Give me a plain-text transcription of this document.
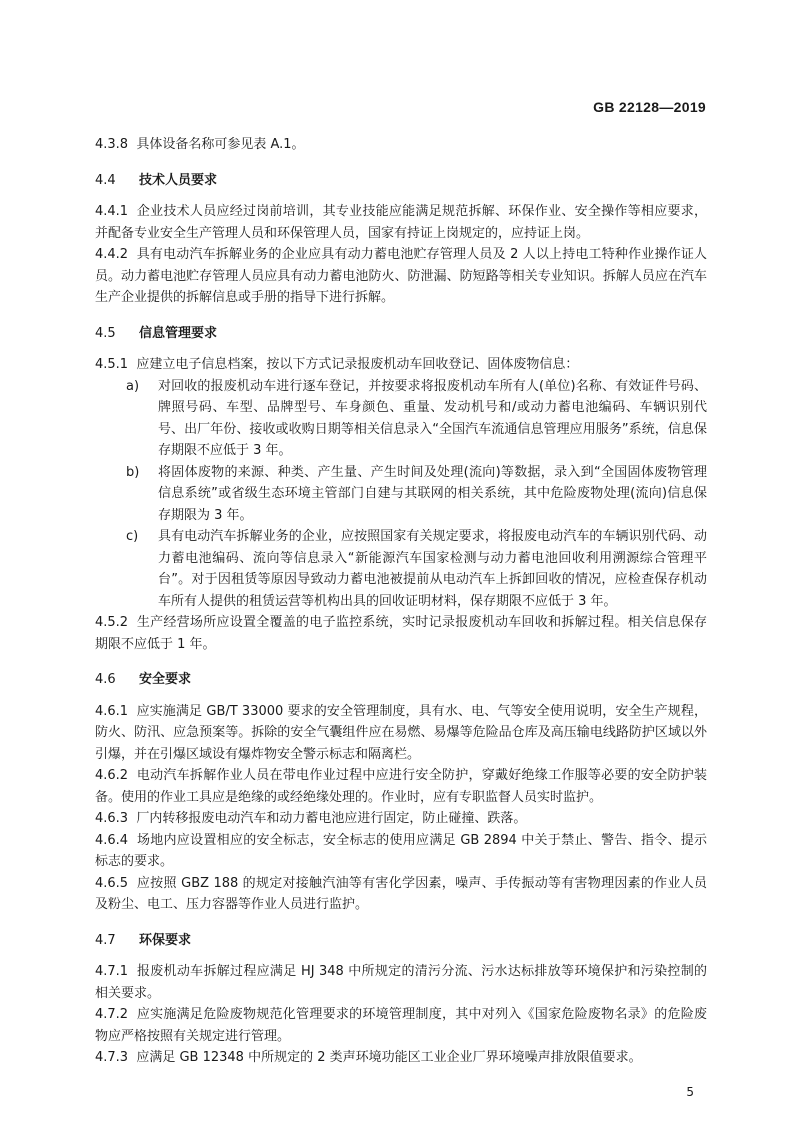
GB 22128—2019

4.3.8 具体设备名称可参见表 A.1。

4.4 技术人员要求

4.4.1 企业技术人员应经过岗前培训，其专业技能应能满足规范拆解、环保作业、安全操作等相应要求，并配备专业安全生产管理人员和环保管理人员，国家有持证上岗规定的，应持证上岗。

4.4.2 具有电动汽车拆解业务的企业应具有动力蓄电池贮存管理人员及 2 人以上持电工特种作业操作证人员。动力蓄电池贮存管理人员应具有动力蓄电池防火、防泄漏、防短路等相关专业知识。拆解人员应在汽车生产企业提供的拆解信息或手册的指导下进行拆解。

4.5 信息管理要求

4.5.1 应建立电子信息档案，按以下方式记录报废机动车回收登记、固体废物信息：

a) 对回收的报废机动车进行逐车登记，并按要求将报废机动车所有人(单位)名称、有效证件号码、牌照号码、车型、品牌型号、车身颜色、重量、发动机号和/或动力蓄电池编码、车辆识别代号、出厂年份、接收或收购日期等相关信息录入“全国汽车流通信息管理应用服务”系统，信息保存期限不应低于 3 年。

b) 将固体废物的来源、种类、产生量、产生时间及处理(流向)等数据，录入到“全国固体废物管理信息系统”或省级生态环境主管部门自建与其联网的相关系统，其中危险废物处理(流向)信息保存期限为 3 年。

c) 具有电动汽车拆解业务的企业，应按照国家有关规定要求，将报废电动汽车的车辆识别代码、动力蓄电池编码、流向等信息录入“新能源汽车国家检测与动力蓄电池回收利用溯源综合管理平台”。对于因租赁等原因导致动力蓄电池被提前从电动汽车上拆卸回收的情况，应检查保存机动车所有人提供的租赁运营等机构出具的回收证明材料，保存期限不应低于 3 年。

4.5.2 生产经营场所应设置全覆盖的电子监控系统，实时记录报废机动车回收和拆解过程。相关信息保存期限不应低于 1 年。

4.6 安全要求

4.6.1 应实施满足 GB/T 33000 要求的安全管理制度，具有水、电、气等安全使用说明，安全生产规程，防火、防汛、应急预案等。拆除的安全气囊组件应在易燃、易爆等危险品仓库及高压输电线路防护区域以外引爆，并在引爆区域设有爆炸物安全警示标志和隔离栏。

4.6.2 电动汽车拆解作业人员在带电作业过程中应进行安全防护，穿戴好绝缘工作服等必要的安全防护装备。使用的作业工具应是绝缘的或经绝缘处理的。作业时，应有专职监督人员实时监护。

4.6.3 厂内转移报废电动汽车和动力蓄电池应进行固定，防止碰撞、跌落。

4.6.4 场地内应设置相应的安全标志，安全标志的使用应满足 GB 2894 中关于禁止、警告、指令、提示标志的要求。

4.6.5 应按照 GBZ 188 的规定对接触汽油等有害化学因素，噪声、手传振动等有害物理因素的作业人员及粉尘、电工、压力容器等作业人员进行监护。

4.7 环保要求

4.7.1 报废机动车拆解过程应满足 HJ 348 中所规定的清污分流、污水达标排放等环境保护和污染控制的相关要求。

4.7.2 应实施满足危险废物规范化管理要求的环境管理制度，其中对列入《国家危险废物名录》的危险废物应严格按照有关规定进行管理。

4.7.3 应满足 GB 12348 中所规定的 2 类声环境功能区工业企业厂界环境噪声排放限值要求。

5
